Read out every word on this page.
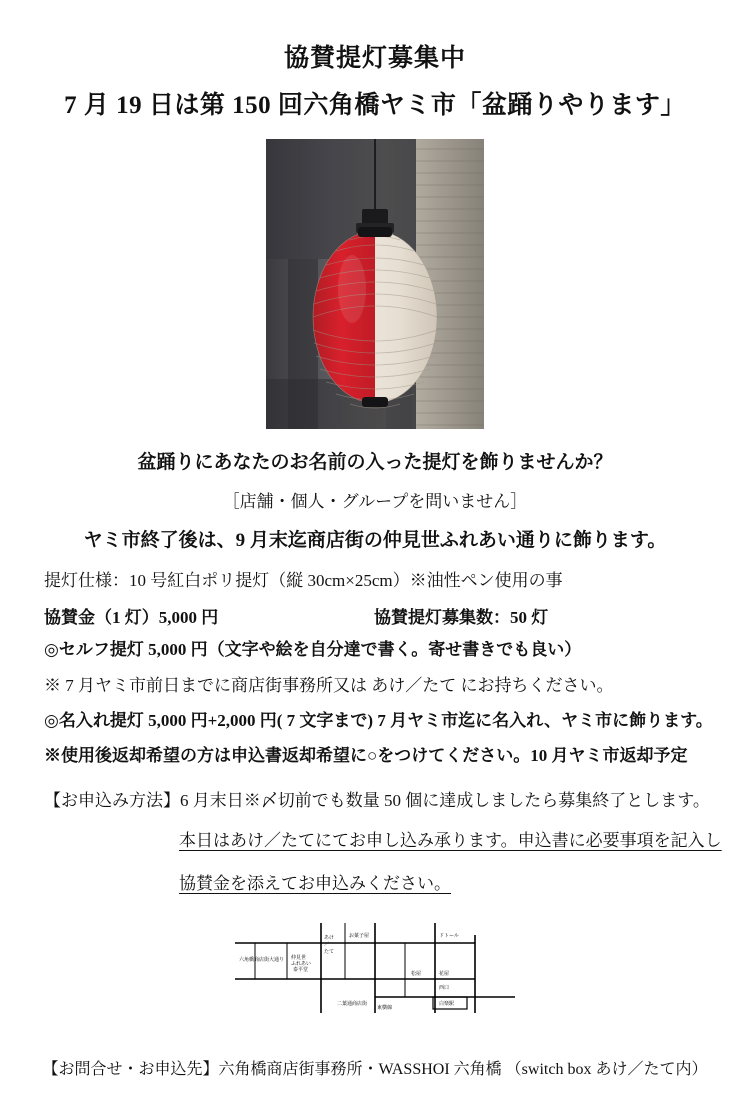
協賛提灯募集中
7 月 19 日は第 150 回六角橋ヤミ市「盆踊りやります」
盆踊りにあなたのお名前の入った提灯を飾りませんか？
［店舗・個人・グループを問いません］
ヤミ市終了後は、9 月末迄商店街の仲見世ふれあい通りに飾ります。
提灯仕様：10 号紅白ポリ提灯（縦 30cm×25cm）※油性ペン使用の事
協賛金（1 灯）5,000 円	協賛提灯募集数：50 灯
◎セルフ提灯 5,000 円（文字や絵を自分達で書く。寄せ書きでも良い）
※ 7 月ヤミ市前日までに商店街事務所又は あけ／たて にお持ちください。
◎名入れ提灯 5,000 円+2,000 円( 7 文字まで) 7 月ヤミ市迄に名入れ、ヤミ市に飾ります。
※使用後返却希望の方は申込書返却希望に○をつけてください。10 月ヤミ市返却予定
【お申込み方法】6 月末日※〆切前でも数量 50 個に達成しましたら募集終了とします。
本日はあけ／たてにてお申し込み承ります。申込書に必要事項を記入し
協賛金を添えてお申込みください。
六角橋商店街大通り
あけ
／
たて
お菓子屋	ドトール
松屋	花屋
西口
白楽駅
東横線
二葉通商店街
泰平堂
仲見世
ふれあい
【お問合せ・お申込先】六角橋商店街事務所・WASSHOI 六角橋 （switch box あけ／たて内）
